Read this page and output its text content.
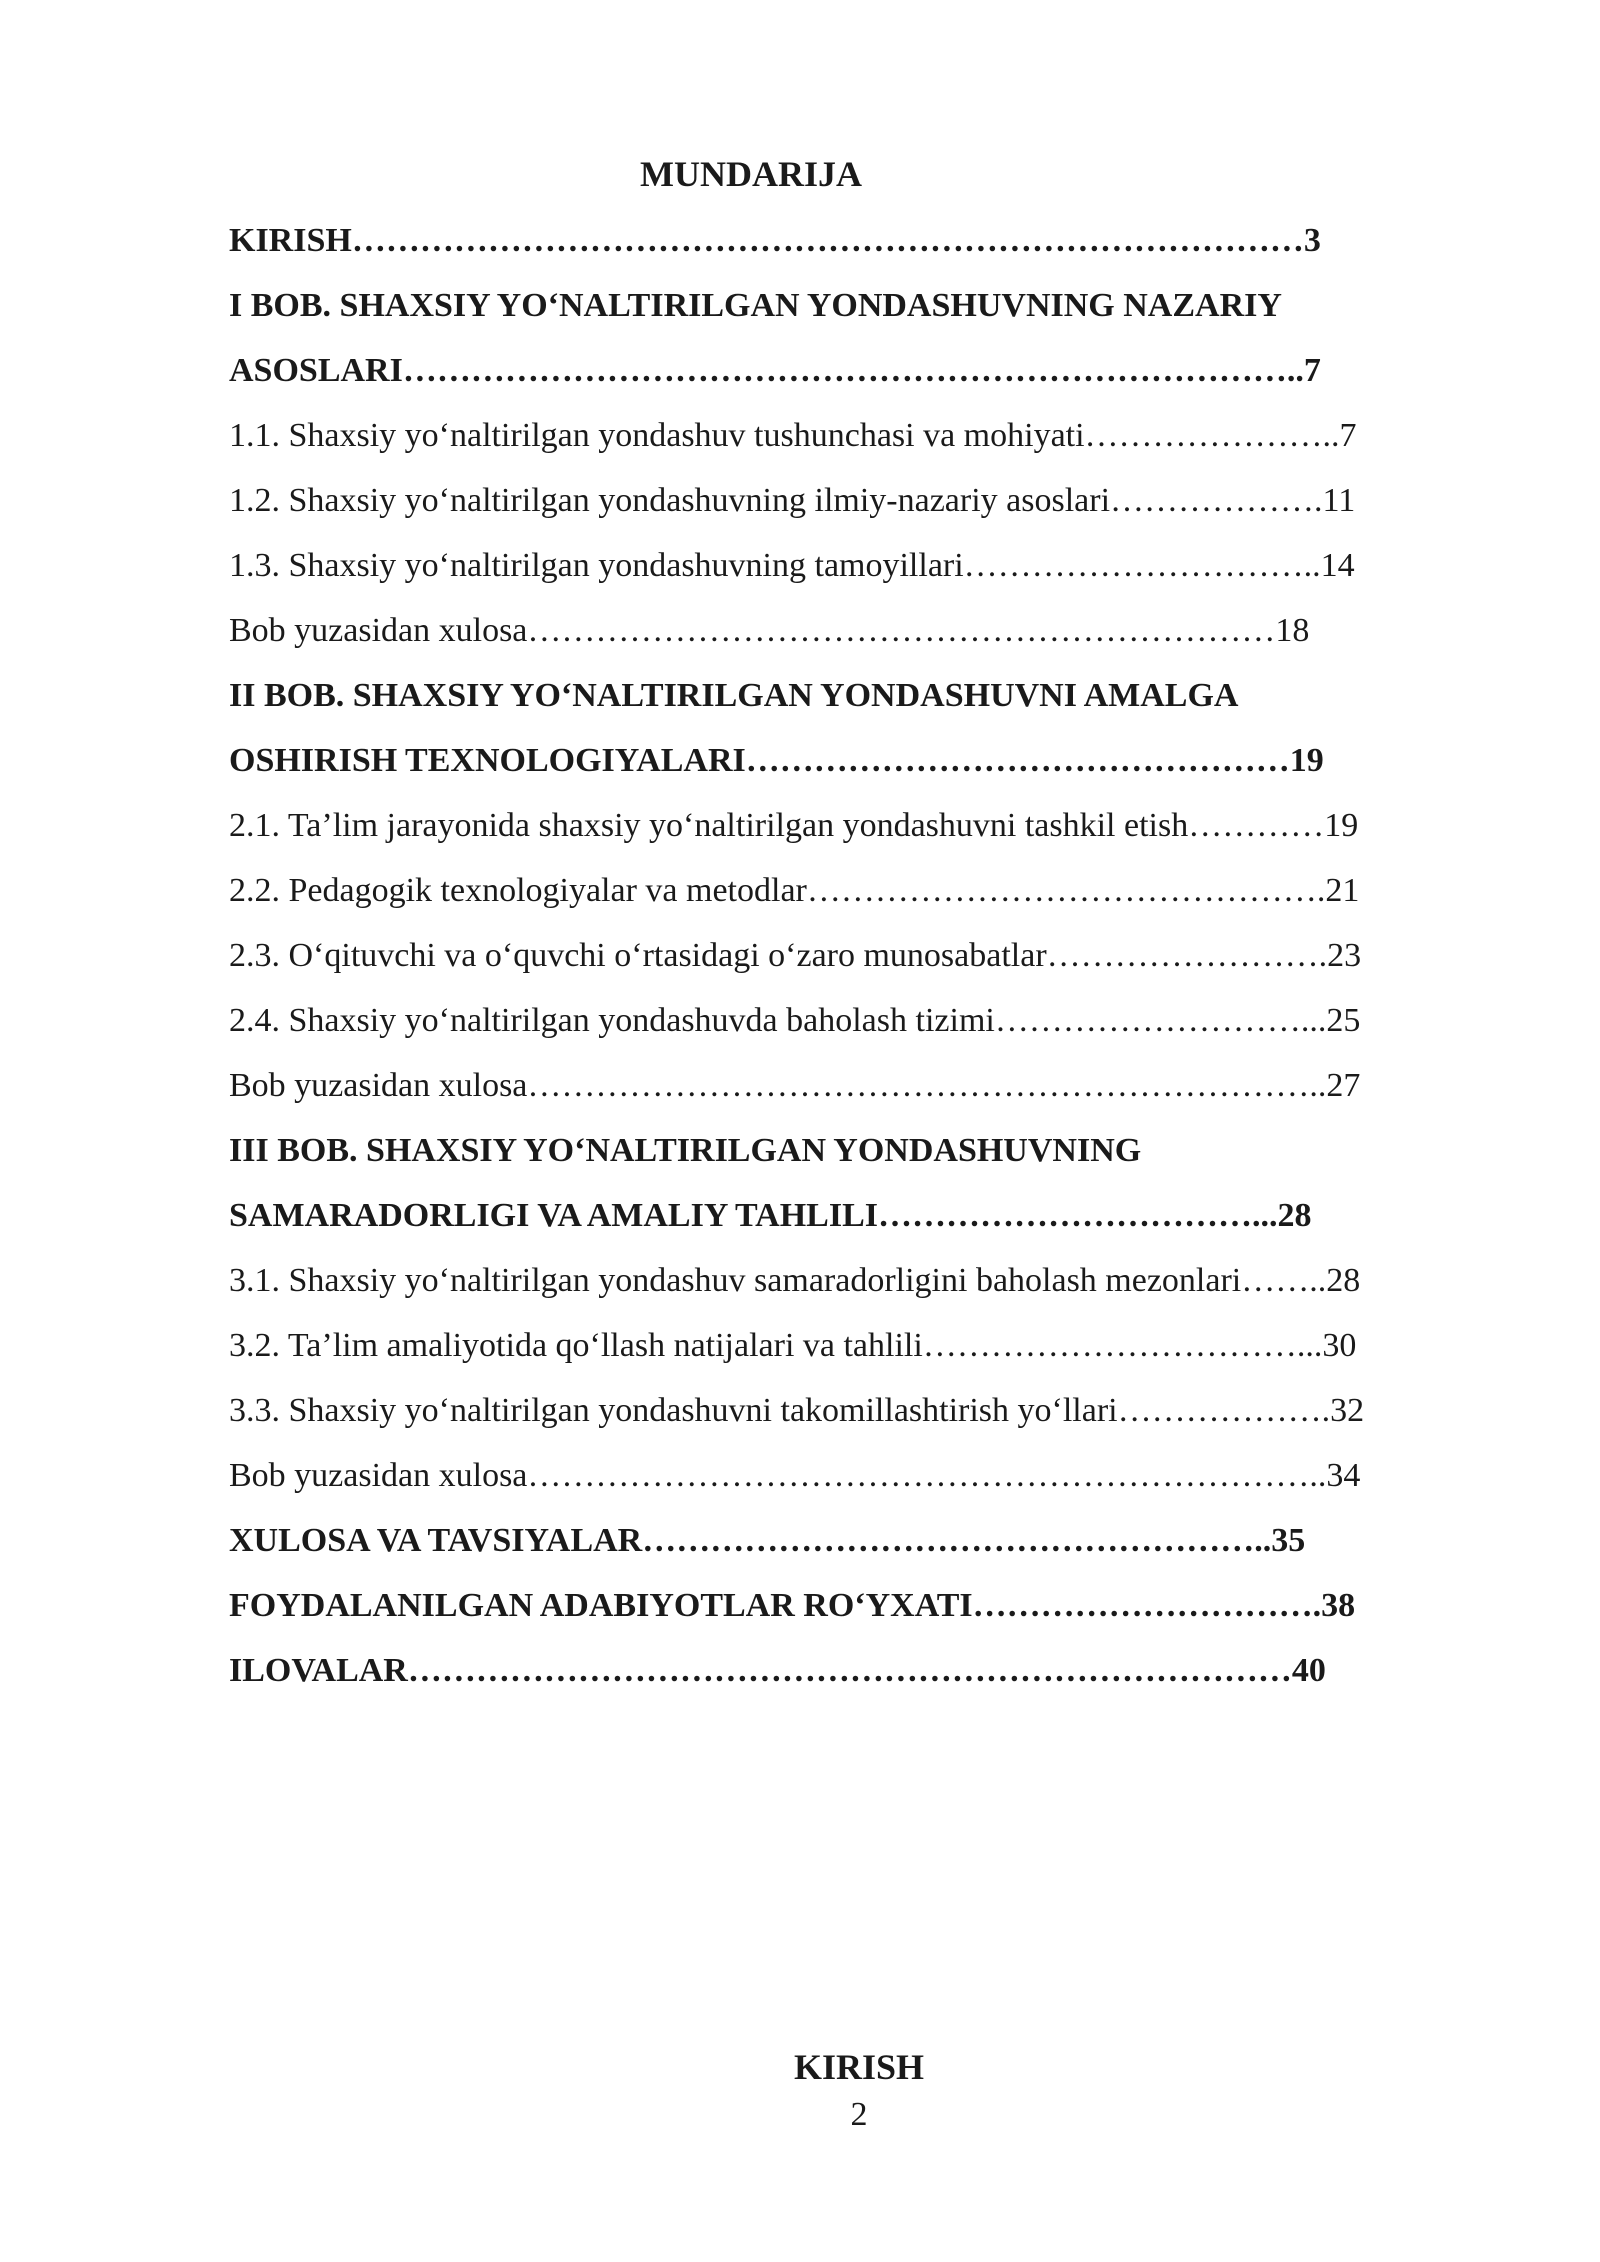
MUNDARIJA
KIRISH…………………………………………………………………………3
I BOB. SHAXSIY YO‘NALTIRILGAN YONDASHUVNING NAZARIY
ASOSLARI……………………………………………………………………..7
1.1. Shaxsiy yo‘naltirilgan yondashuv tushunchasi va mohiyati…………………..7
1.2. Shaxsiy yo‘naltirilgan yondashuvning ilmiy-nazariy asoslari……………….11
1.3. Shaxsiy yo‘naltirilgan yondashuvning tamoyillari…………………………..14
Bob yuzasidan xulosa…………………………………………………………18
II BOB. SHAXSIY YO‘NALTIRILGAN YONDASHUVNI AMALGA
OSHIRISH TEXNOLOGIYALARI…………………………………………19
2.1. Ta’lim jarayonida shaxsiy yo‘naltirilgan yondashuvni tashkil etish…………19
2.2. Pedagogik texnologiyalar va metodlar……………………………………….21
2.3. O‘qituvchi va o‘quvchi o‘rtasidagi o‘zaro munosabatlar…………………….23
2.4. Shaxsiy yo‘naltirilgan yondashuvda baholash tizimi………………………...25
Bob yuzasidan xulosa……………………………………………………………..27
III BOB. SHAXSIY YO‘NALTIRILGAN YONDASHUVNING
SAMARADORLIGI VA AMALIY TAHLILI……………………………...28
3.1. Shaxsiy yo‘naltirilgan yondashuv samaradorligini baholash mezonlari……..28
3.2. Ta’lim amaliyotida qo‘llash natijalari va tahlili……………………………...30
3.3. Shaxsiy yo‘naltirilgan yondashuvni takomillashtirish yo‘llari……………….32
Bob yuzasidan xulosa……………………………………………………………..34
XULOSA VA TAVSIYALAR………………………………………………..35
FOYDALANILGAN ADABIYOTLAR RO‘YXATI………………………….38
ILOVALAR……………………………………………………………………40
KIRISH
2
